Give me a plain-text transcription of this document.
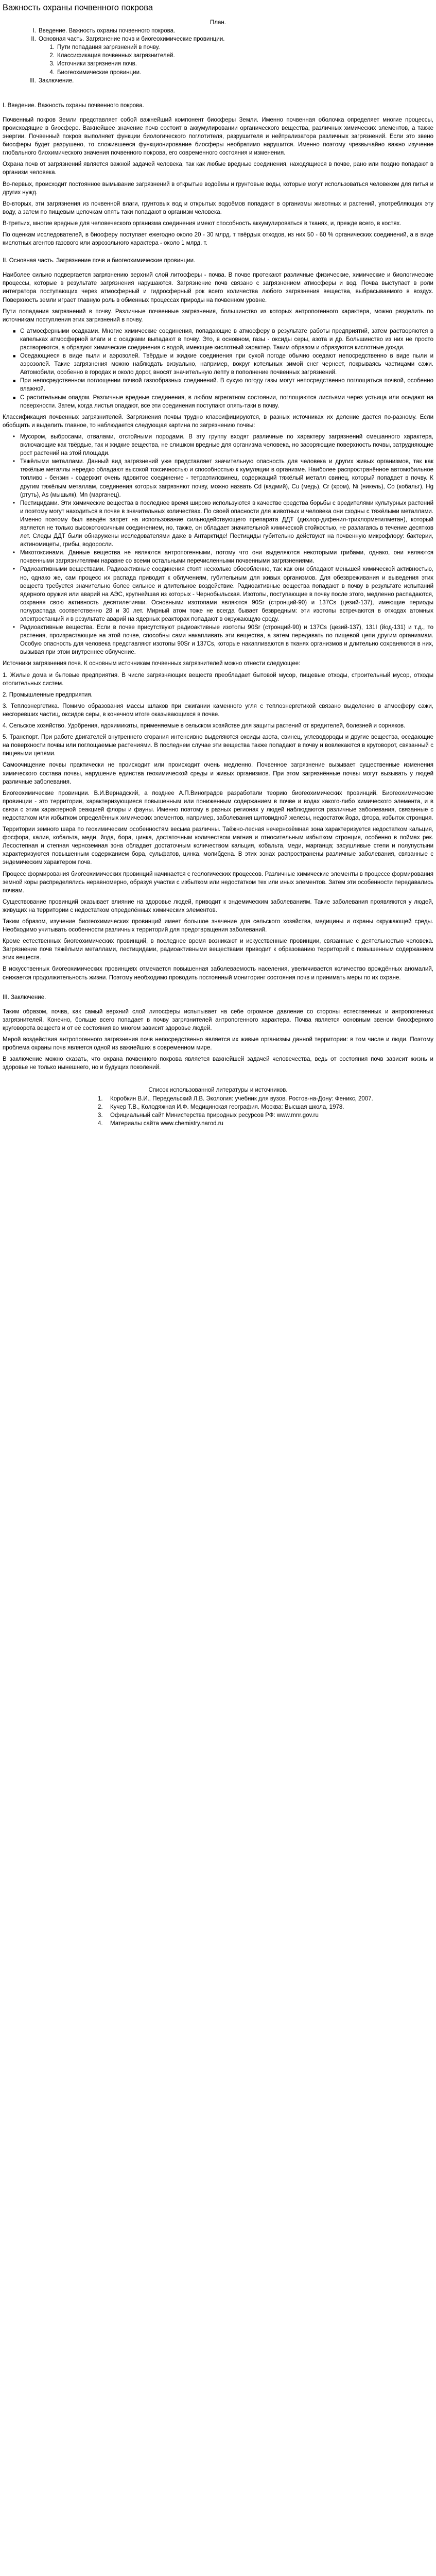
Важность охраны почвенного покрова

План.

I. Введение. Важность охраны почвенного покрова.
II. Основная часть. Загрязнение почв и биогеохимические провинции.
1. Пути попадания загрязнений в почву.
2. Классификация почвенных загрязнителей.
3. Источники загрязнения почв.
4. Биогеохимические провинции.
III. Заключение.

I. Введение. Важность охраны почвенного покрова.

Почвенный покров Земли представляет собой важнейший компонент биосферы Земли. Именно почвенная оболочка определяет многие процессы, происходящие в биосфере. Важнейшее значение почв состоит в аккумулировании органического вещества, различных химических элементов, а также энергии. Почвенный покров выполняет функции биологического поглотителя, разрушителя и нейтрализатора различных загрязнений. Если это звено биосферы будет разрушено, то сложившееся функционирование биосферы необратимо нарушится. Именно поэтому чрезвычайно важно изучение глобального биохимического значения почвенного покрова, его современного состояния и изменения.

Охрана почв от загрязнений является важной задачей человека, так как любые вредные соединения, находящиеся в почве, рано или поздно попадают в организм человека.

Во-первых, происходит постоянное вымывание загрязнений в открытые водоёмы и грунтовые воды, которые могут использоваться человеком для питья и других нужд.

Во-вторых, эти загрязнения из почвенной влаги, грунтовых вод и открытых водоёмов попадают в организмы животных и растений, употребляющих эту воду, а затем по пищевым цепочкам опять таки попадают в организм человека.

В-третьих, многие вредные для человеческого организма соединения имеют способность аккумулироваться в тканях, и, прежде всего, в костях.

По оценкам исследователей, в биосферу поступает ежегодно около 20 - 30 млрд. т твёрдых отходов, из них 50 - 60 % органических соединений, а в виде кислотных агентов газового или аэрозольного характера - около 1 млрд. т.

II. Основная часть. Загрязнение почв и биогеохимические провинции.

Наиболее сильно подвергается загрязнению верхний слой литосферы - почва. В почве протекают различные физические, химические и биологические процессы, которые в результате загрязнения нарушаются. Загрязнение почв связано с загрязнением атмосферы и вод. Почва выступает в роли интегратора поступающих через атмосферный и гидросферный рок всего количества любого загрязнения вещества, выбрасываемого в воздух. Поверхность земли играет главную роль в обменных процессах природы на почвенном уровне.

Пути попадания загрязнений в почву. Различные почвенные загрязнения, большинство из которых антропогенного характера, можно разделить по источникам поступления этих загрязнений в почву.

■ С атмосферными осадками. Многие химические соединения, попадающие в атмосферу в результате работы предприятий, затем растворяются в капельках атмосферной влаги и с осадками выпадают в почву. Это, в основном, газы - оксиды серы, азота и др. Большинство из них не просто растворяются, а образуют химические соединения с водой, имеющие кислотный характер. Таким образом и образуются кислотные дожди.
■ Оседающиеся в виде пыли и аэрозолей. Твёрдые и жидкие соединения при сухой погоде обычно оседают непосредственно в виде пыли и аэрозолей. Такие загрязнения можно наблюдать визуально, например, вокруг котельных зимой снег чернеет, покрываясь частицами сажи. Автомобили, особенно в городах и около дорог, вносят значительную лепту в пополнение почвенных загрязнений.
■ При непосредственном поглощении почвой газообразных соединений. В сухую погоду газы могут непосредственно поглощаться почвой, особенно влажной.
■ С растительным опадом. Различные вредные соединения, в любом агрегатном состоянии, поглощаются листьями через устьица или оседают на поверхности. Затем, когда листья опадают, все эти соединения поступают опять-таки в почву.

Классификация почвенных загрязнителей. Загрязнения почвы трудно классифицируются, в разных источниках их деление дается по-разному. Если обобщить и выделить главное, то наблюдается следующая картина по загрязнению почвы:

• Мусором, выбросами, отвалами, отстойными породами. В эту группу входят различные по характеру загрязнений смешанного характера, включающие как твёрдые, так и жидкие вещества, не слишком вредные для организма человека, но засоряющие поверхность почвы, затрудняющие рост растений на этой площади.
• Тяжёлыми металлами. Данный вид загрязнений уже представляет значительную опасность для человека и других живых организмов, так как тяжёлые металлы нередко обладают высокой токсичностью и способностью к кумуляции в организме. Наиболее распространённое автомобильное топливо - бензин - содержит очень ядовитое соединение - тетраэтилсвинец, содержащий тяжёлый металл свинец, который попадает в почву. К другим тяжёлым металлам, соединения которых загрязняют почву, можно назвать Cd (кадмий), Cu (медь), Cr (хром), Ni (никель), Co (кобальт), Hg (ртуть), As (мышьяк), Mn (марганец).
• Пестицидами. Эти химические вещества в последнее время широко используются в качестве средства борьбы с вредителями культурных растений и поэтому могут находиться в почве в значительных количествах. По своей опасности для животных и человека они сходны с тяжёлыми металлами. Именно поэтому был введён запрет на использование сильнодействующего препарата ДДТ (дихлор-дифенил-трихлорметилметан), который является не только высокотоксичным соединением, но, также, он обладает значительной химической стойкостью, не разлагаясь в течение десятков лет. Следы ДДТ были обнаружены исследователями даже в Антарктиде! Пестициды губительно действуют на почвенную микрофлору: бактерии, актиномицеты, грибы, водоросли.
• Микотоксинами. Данные вещества не являются антропогенными, потому что они выделяются некоторыми грибами, однако, они являются почвенными загрязнителями наравне со всеми остальными перечисленными почвенными загрязнениями.
• Радиоактивными веществами. Радиоактивные соединения стоят несколько обособленно, так как они обладают меньшей химической активностью, но, однако же, сам процесс их распада приводит к облучениям, губительным для живых организмов. Для обезвреживания и выведения этих веществ требуется значительно более сильное и длительное воздействие. Радиоактивные вещества попадают в почву в результате испытаний ядерного оружия или аварий на АЭС, крупнейшая из которых - Чернобыльская. Изотопы, поступающие в почву после этого, медленно распадаются, сохраняя свою активность десятилетиями. Основными изотопами являются 90Sr (стронций-90) и 137Cs (цезий-137), имеющие периоды полураспада соответственно 28 и 30 лет. Мирный атом тоже не всегда бывает безвредным: эти изотопы встречаются в отходах атомных электростанций и в результате аварий на ядерных реакторах попадают в окружающую среду.
• Радиоактивные вещества. Если в почве присутствуют радиоактивные изотопы 90Sr (стронций-90) и 137Cs (цезий-137), 131I (йод-131) и т.д., то растения, произрастающие на этой почве, способны сами накапливать эти вещества, а затем передавать по пищевой цепи другим организмам. Особую опасность для человека представляют изотопы 90Sr и 137Cs, которые накапливаются в тканях организмов и длительно сохраняются в них, вызывая при этом внутреннее облучение.

Источники загрязнения почв. К основным источникам почвенных загрязнителей можно отнести следующее:

1. Жилые дома и бытовые предприятия. В числе загрязняющих веществ преобладает бытовой мусор, пищевые отходы, строительный мусор, отходы отопительных систем.

2. Промышленные предприятия.

3. Теплоэнергетика. Помимо образования массы шлаков при сжигании каменного угля с теплоэнергетикой связано выделение в атмосферу сажи, несгоревших частиц, оксидов серы, в конечном итоге оказывающихся в почве.

4. Сельское хозяйство. Удобрения, ядохимикаты, применяемые в сельском хозяйстве для защиты растений от вредителей, болезней и сорняков.

5. Транспорт. При работе двигателей внутреннего сгорания интенсивно выделяются оксиды азота, свинец, углеводороды и другие вещества, оседающие на поверхности почвы или поглощаемые растениями. В последнем случае эти вещества также попадают в почву и вовлекаются в круговорот, связанный с пищевыми цепями.

Самоочищение почвы практически не происходит или происходит очень медленно. Почвенное загрязнение вызывает существенные изменения химического состава почвы, нарушение единства геохимической среды и живых организмов. При этом загрязнённые почвы могут вызывать у людей различные заболевания.

Биогеохимические провинции. В.И.Вернадский, а позднее А.П.Виноградов разработали теорию биогеохимических провинций. Биогеохимические провинции - это территории, характеризующиеся повышенным или пониженным содержанием в почве и водах какого-либо химического элемента, и в связи с этим характерной реакцией флоры и фауны. Именно поэтому в разных регионах у людей наблюдаются различные заболевания, связанные с недостатком или избытком определённых химических элементов, например, заболевания щитовидной железы, недостаток йода, фтора, избыток стронция.

Территории земного шара по геохимическим особенностям весьма различны. Таёжно-лесная нечернозёмная зона характеризуется недостатком кальция, фосфора, калия, кобальта, меди, йода, бора, цинка, достаточным количеством магния и относительным избытком стронция, особенно в поймах рек. Лесостепная и степная черноземная зона обладает достаточным количеством кальция, кобальта, меди, марганца; засушливые степи и полупустыни характеризуются повышенным содержанием бора, сульфатов, цинка, молибдена. В этих зонах распространены различные заболевания, связанные с эндемическим характером почв.

Процесс формирования биогеохимических провинций начинается с геологических процессов. Различные химические элементы в процессе формирования земной коры распределялись неравномерно, образуя участки с избытком или недостатком тех или иных элементов. Затем эти особенности передавались почвам.

Существование провинций оказывает влияние на здоровье людей, приводит к эндемическим заболеваниям. Такие заболевания проявляются у людей, живущих на территории с недостатком определённых химических элементов.

Таким образом, изучение биогеохимических провинций имеет большое значение для сельского хозяйства, медицины и охраны окружающей среды. Необходимо учитывать особенности различных территорий для предотвращения заболеваний.

Кроме естественных биогеохимических провинций, в последнее время возникают и искусственные провинции, связанные с деятельностью человека. Загрязнение почв тяжёлыми металлами, пестицидами, радиоактивными веществами приводит к образованию территорий с повышенным содержанием этих веществ.

В искусственных биогеохимических провинциях отмечается повышенная заболеваемость населения, увеличивается количество врождённых аномалий, снижается продолжительность жизни. Поэтому необходимо проводить постоянный мониторинг состояния почв и принимать меры по их охране.

III. Заключение.

Таким образом, почва, как самый верхний слой литосферы испытывает на себе огромное давление со стороны естественных и антропогенных загрязнителей. Конечно, больше всего попадает в почву загрязнителей антропогенного характера. Почва является основным звеном биосферного круговорота веществ и от её состояния во многом зависит здоровье людей.

Мерой воздействия антропогенного загрязнения почв непосредственно является их живые организмы данной территории: в том числе и люди. Поэтому проблема охраны почв является одной из важнейших в современном мире.

В заключение можно сказать, что охрана почвенного покрова является важнейшей задачей человечества, ведь от состояния почв зависит жизнь и здоровье не только нынешнего, но и будущих поколений.

Список использованной литературы и источников.

1. Коробкин В.И., Передельский Л.В. Экология: учебник для вузов. Ростов-на-Дону: Феникс, 2007.
2. Кучер Т.В., Колодяжная И.Ф. Медицинская география. Москва: Высшая школа, 1978.
3. Официальный сайт Министерства природных ресурсов РФ: www.mnr.gov.ru
4. Материалы сайта www.chemistry.narod.ru
